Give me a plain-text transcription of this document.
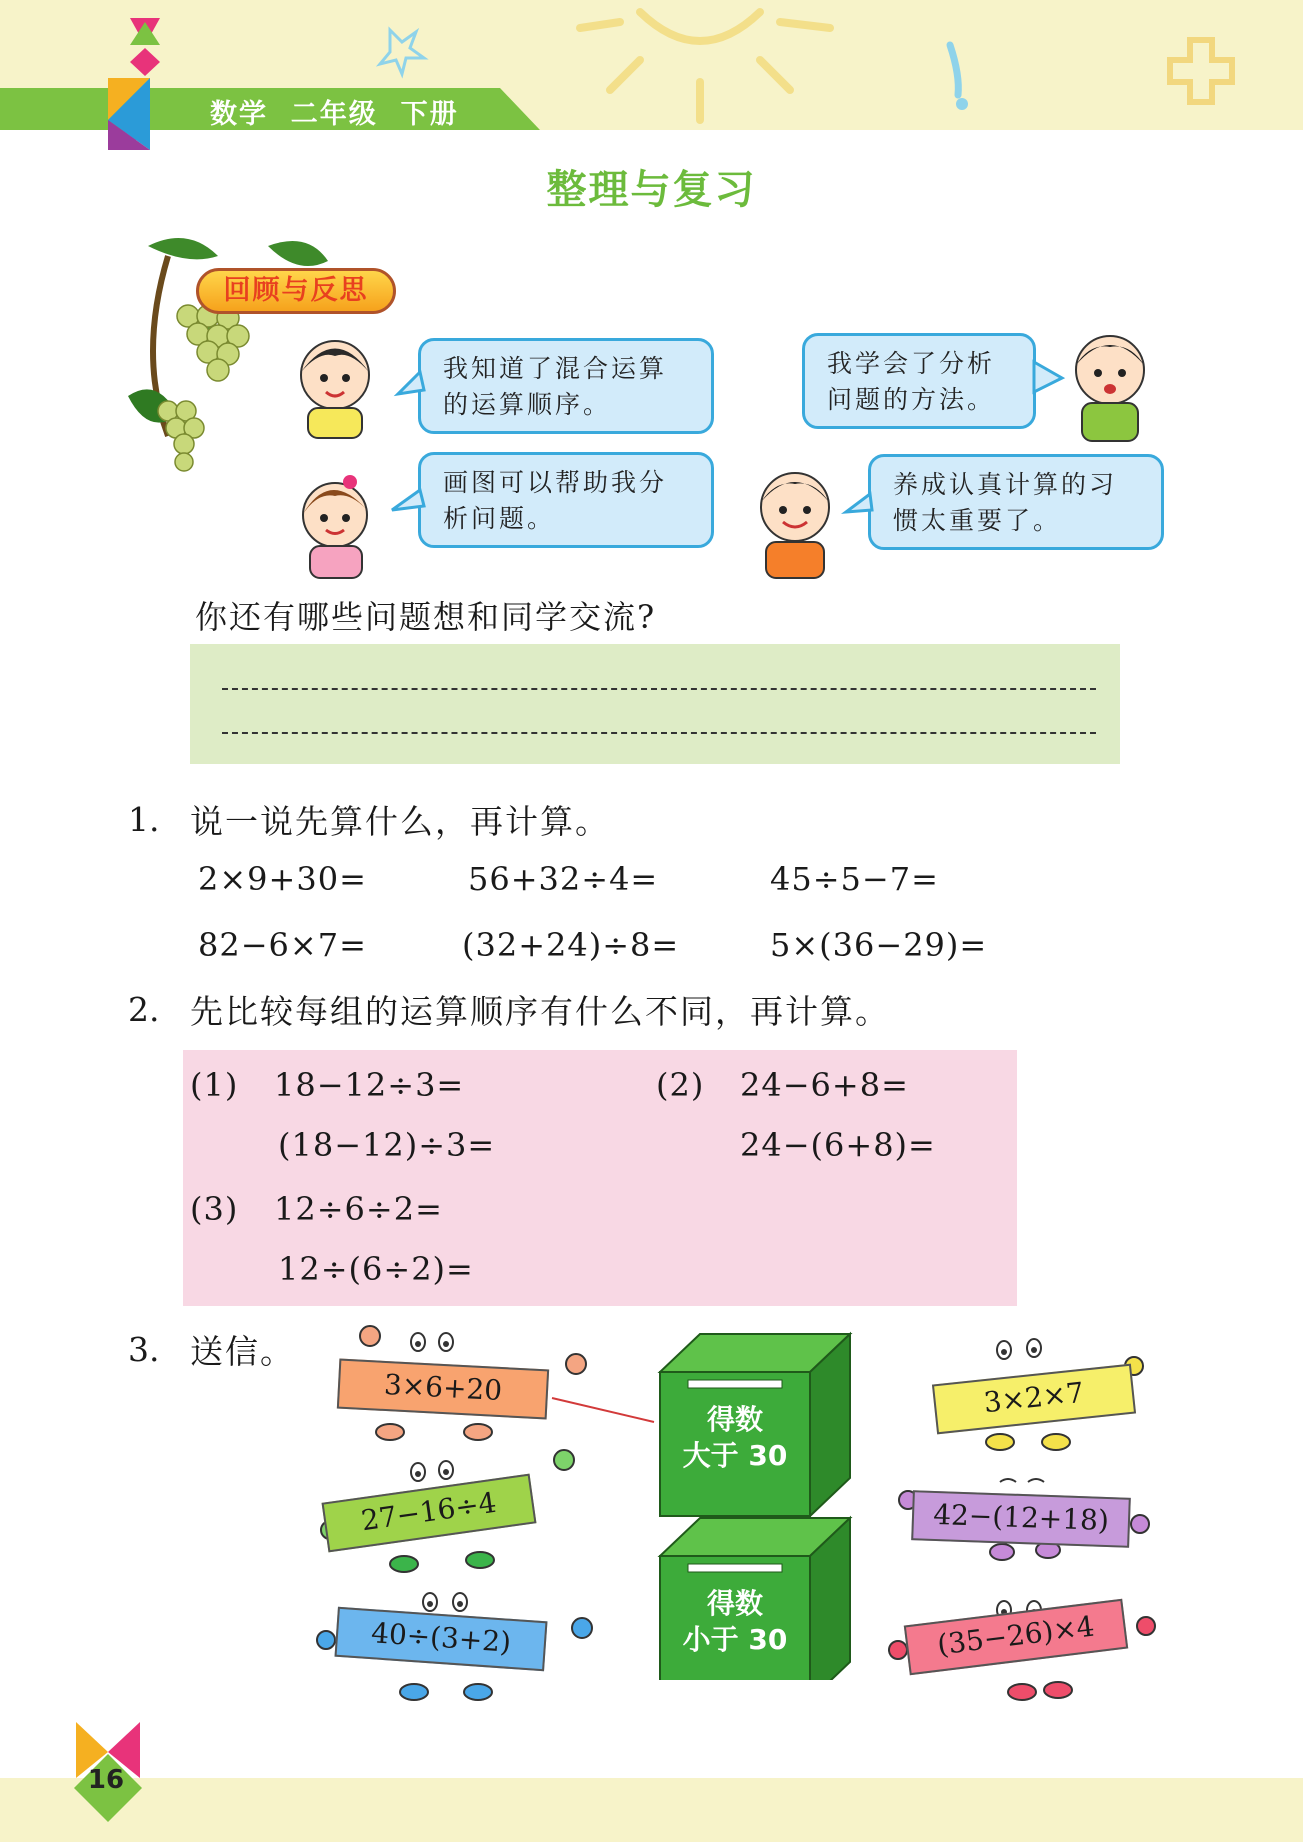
数学  二年级  下册
整理与复习
回顾与反思
我知道了混合运算
的运算顺序。
我学会了分析
问题的方法。
画图可以帮助我分
析问题。
养成认真计算的习
惯太重要了。
你还有哪些问题想和同学交流?
1. 说一说先算什么，再计算。
2×9+30=	56+32÷4=	45÷5−7=
82−6×7=	(32+24)÷8=	5×(36−29)=
2. 先比较每组的运算顺序有什么不同，再计算。
(1) 18−12÷3=
(18−12)÷3=
(2) 24−6+8=
24−(6+8)=
(3) 12÷6÷2=
12÷(6÷2)=
3. 送信。
得数
大于 30
得数
小于 30
3×6+20
27−16÷4
40÷(3+2)
3×2×7
42−(12+18)
(35−26)×4
16
